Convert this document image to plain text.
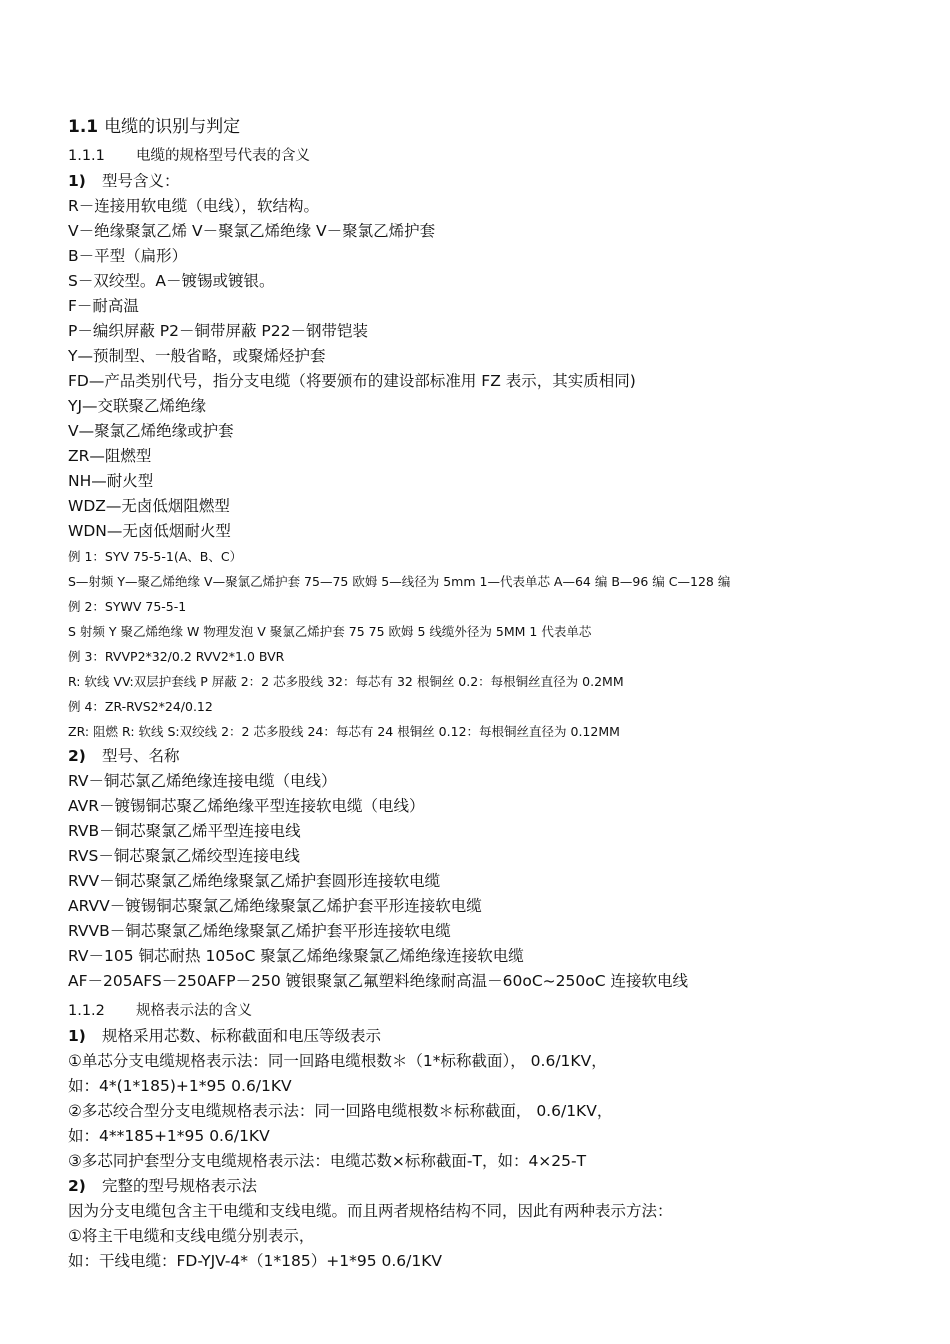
1.1 电缆的识别与判定
1.1.1 电缆的规格型号代表的含义
1) 型号含义：
R－连接用软电缆（电线），软结构。
V－绝缘聚氯乙烯 V－聚氯乙烯绝缘 V－聚氯乙烯护套
B－平型（扁形）
S－双绞型。A－镀锡或镀银。
F－耐高温
P－编织屏蔽 P2－铜带屏蔽 P22－钢带铠装
Y—预制型、一般省略，或聚烯烃护套
FD—产品类别代号，指分支电缆（将要颁布的建设部标准用 FZ 表示，其实质相同)
YJ—交联聚乙烯绝缘
V—聚氯乙烯绝缘或护套
ZR—阻燃型
NH—耐火型
WDZ—无卤低烟阻燃型
WDN—无卤低烟耐火型
例 1：SYV 75-5-1(A、B、C）
S—射频 Y—聚乙烯绝缘 V—聚氯乙烯护套 75—75 欧姆 5—线径为 5mm 1—代表单芯 A—64 编 B—96 编 C—128 编
例 2：SYWV 75-5-1
S 射频 Y 聚乙烯绝缘 W 物理发泡 V 聚氯乙烯护套 75 75 欧姆 5 线缆外径为 5MM 1 代表单芯
例 3：RVVP2*32/0.2 RVV2*1.0 BVR
R: 软线 VV:双层护套线 P 屏蔽 2：2 芯多股线 32：每芯有 32 根铜丝 0.2：每根铜丝直径为 0.2MM
例 4：ZR-RVS2*24/0.12
ZR: 阻燃 R: 软线 S:双绞线 2：2 芯多股线 24：每芯有 24 根铜丝 0.12：每根铜丝直径为 0.12MM
2) 型号、名称
RV－铜芯氯乙烯绝缘连接电缆（电线）
AVR－镀锡铜芯聚乙烯绝缘平型连接软电缆（电线）
RVB－铜芯聚氯乙烯平型连接电线
RVS－铜芯聚氯乙烯绞型连接电线
RVV－铜芯聚氯乙烯绝缘聚氯乙烯护套圆形连接软电缆
ARVV－镀锡铜芯聚氯乙烯绝缘聚氯乙烯护套平形连接软电缆
RVVB－铜芯聚氯乙烯绝缘聚氯乙烯护套平形连接软电缆
RV－105 铜芯耐热 105oC 聚氯乙烯绝缘聚氯乙烯绝缘连接软电缆
AF－205AFS－250AFP－250 镀银聚氯乙氟塑料绝缘耐高温－60oC~250oC 连接软电线
1.1.2 规格表示法的含义
1) 规格采用芯数、标称截面和电压等级表示
①单芯分支电缆规格表示法：同一回路电缆根数＊（1*标称截面）， 0.6/1KV，
如：4*(1*185)+1*95 0.6/1KV
②多芯绞合型分支电缆规格表示法：同一回路电缆根数＊标称截面， 0.6/1KV，
如：4**185+1*95 0.6/1KV
③多芯同护套型分支电缆规格表示法：电缆芯数×标称截面-T，如：4×25-T
2) 完整的型号规格表示法
因为分支电缆包含主干电缆和支线电缆。而且两者规格结构不同，因此有两种表示方法：
①将主干电缆和支线电缆分别表示，
如：干线电缆：FD-YJV-4*（1*185）+1*95 0.6/1KV
